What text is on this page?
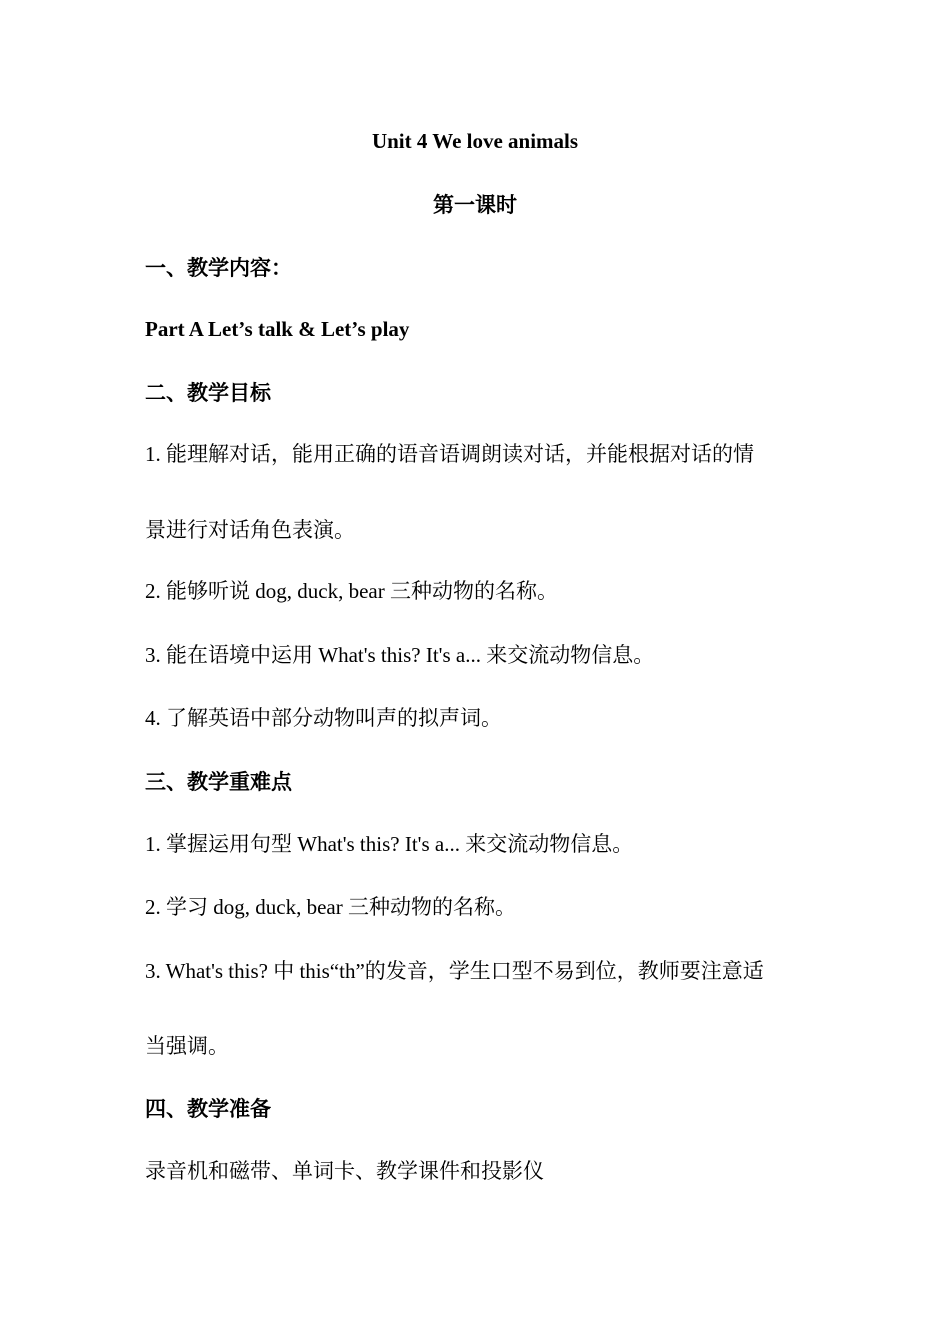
Unit 4 We love animals
第一课时
一、教学内容：
Part A Let’s talk & Let’s play
二、教学目标
1. 能理解对话，能用正确的语音语调朗读对话，并能根据对话的情
景进行对话角色表演。
2. 能够听说 dog, duck, bear 三种动物的名称。
3. 能在语境中运用 What's this? It's a... 来交流动物信息。
4. 了解英语中部分动物叫声的拟声词。
三、教学重难点
1. 掌握运用句型 What's this? It's a... 来交流动物信息。
2. 学习 dog, duck, bear 三种动物的名称。
3. What's this? 中 this“th”的发音，学生口型不易到位，教师要注意适
当强调。
四、教学准备
录音机和磁带、单词卡、教学课件和投影仪
